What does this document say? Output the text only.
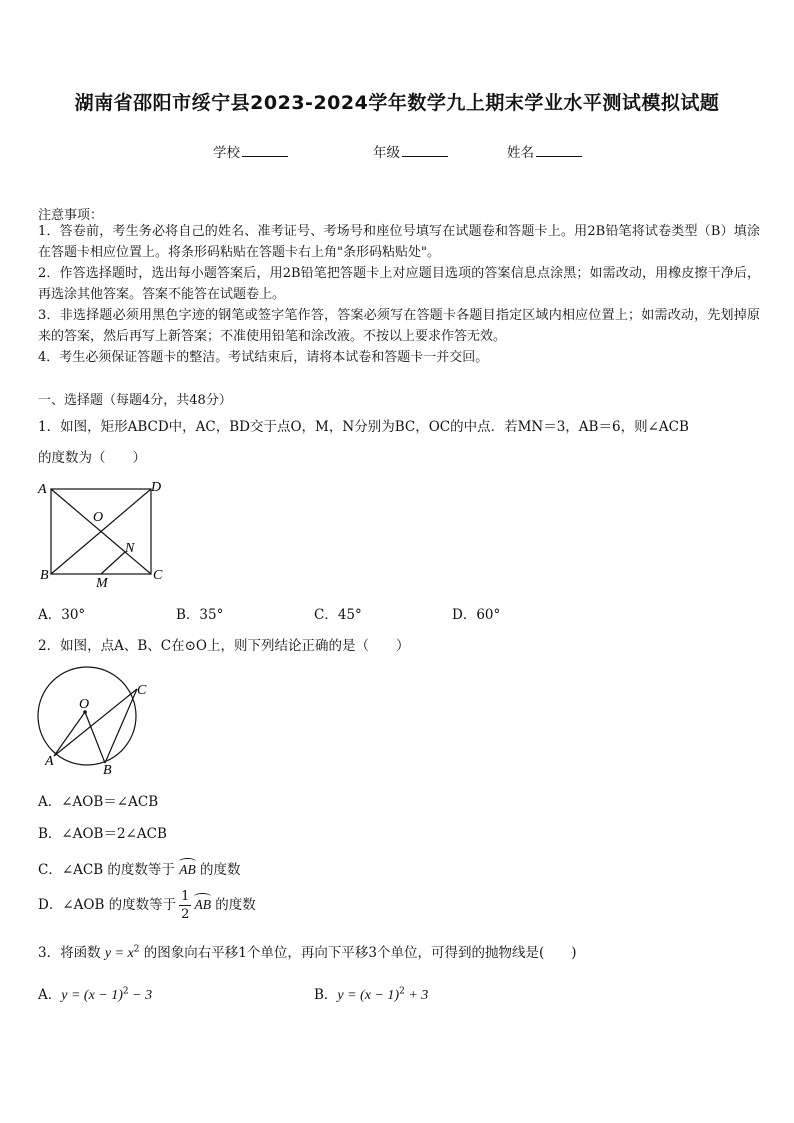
湖南省邵阳市绥宁县2023-2024学年数学九上期末学业水平测试模拟试题
学校	年级	姓名
注意事项：
1．答卷前，考生务必将自己的姓名、准考证号、考场号和座位号填写在试题卷和答题卡上。用2B铅笔将试卷类型（B）填涂在答题卡相应位置上。将条形码粘贴在答题卡右上角"条形码粘贴处"。
2．作答选择题时，选出每小题答案后，用2B铅笔把答题卡上对应题目选项的答案信息点涂黑；如需改动，用橡皮擦干净后，再选涂其他答案。答案不能答在试题卷上。
3．非选择题必须用黑色字迹的钢笔或签字笔作答，答案必须写在答题卡各题目指定区域内相应位置上；如需改动，先划掉原来的答案，然后再写上新答案；不准使用铅笔和涂改液。不按以上要求作答无效。
4．考生必须保证答题卡的整洁。考试结束后，请将本试卷和答题卡一并交回。
一、选择题（每题4分，共48分）
1．如图，矩形ABCD中，AC，BD交于点O，M，N分别为BC，OC的中点．若MN＝3，AB＝6，则∠ACB
的度数为（　　）
A	D
O
N
B	C
M
A．30°	B．35°	C．45°	D．60°
2．如图，点A、B、C在⊙O上，则下列结论正确的是（　　）
O
A
B
C
A．∠AOB＝∠ACB
B．∠AOB＝2∠ACB
C．∠ACB 的度数等于 AB 的度数
D．∠AOB 的度数等于 $\frac{1}{2}$ AB 的度数
3．将函数 $y = x^2$ 的图象向右平移1个单位，再向下平移3个单位，可得到的抛物线是(　　)
A．$y = (x - 1)^2 - 3$	B．$y = (x - 1)^2 + 3$
